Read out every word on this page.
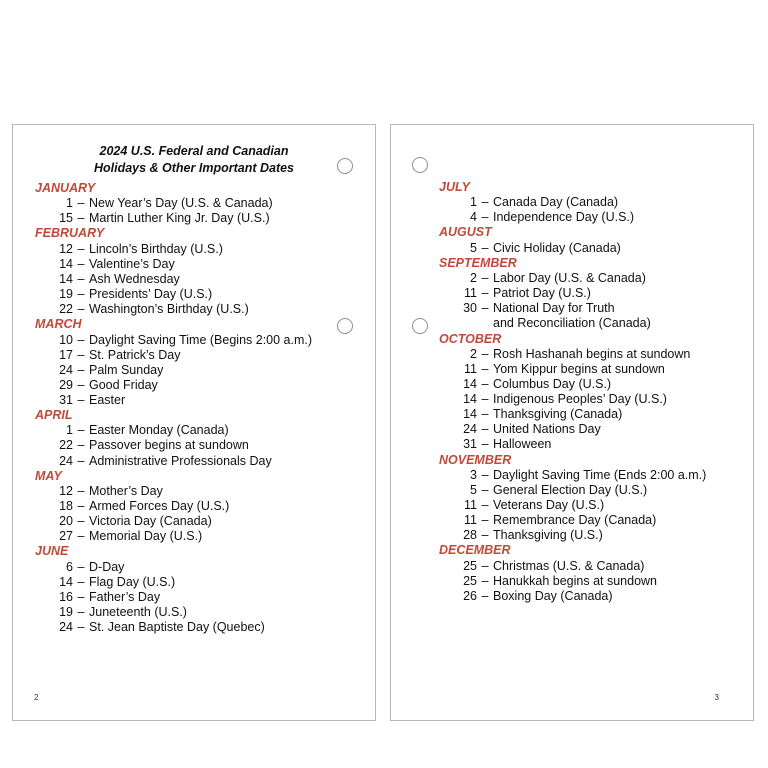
2024 U.S. Federal and Canadian
Holidays & Other Important Dates
JANUARY
1 – New Year’s Day (U.S. & Canada)
15 – Martin Luther King Jr. Day (U.S.)
FEBRUARY
12 – Lincoln’s Birthday (U.S.)
14 – Valentine’s Day
14 – Ash Wednesday
19 – Presidents’ Day (U.S.)
22 – Washington’s Birthday (U.S.)
MARCH
10 – Daylight Saving Time (Begins 2:00 a.m.)
17 – St. Patrick’s Day
24 – Palm Sunday
29 – Good Friday
31 – Easter
APRIL
1 – Easter Monday (Canada)
22 – Passover begins at sundown
24 – Administrative Professionals Day
MAY
12 – Mother’s Day
18 – Armed Forces Day (U.S.)
20 – Victoria Day (Canada)
27 – Memorial Day (U.S.)
JUNE
6 – D-Day
14 – Flag Day (U.S.)
16 – Father’s Day
19 – Juneteenth (U.S.)
24 – St. Jean Baptiste Day (Quebec)
2
JULY
1 – Canada Day (Canada)
4 – Independence Day (U.S.)
AUGUST
5 – Civic Holiday (Canada)
SEPTEMBER
2 – Labor Day (U.S. & Canada)
11 – Patriot Day (U.S.)
30 – National Day for Truth
and Reconciliation (Canada)
OCTOBER
2 – Rosh Hashanah begins at sundown
11 – Yom Kippur begins at sundown
14 – Columbus Day (U.S.)
14 – Indigenous Peoples’ Day (U.S.)
14 – Thanksgiving (Canada)
24 – United Nations Day
31 – Halloween
NOVEMBER
3 – Daylight Saving Time (Ends 2:00 a.m.)
5 – General Election Day (U.S.)
11 – Veterans Day (U.S.)
11 – Remembrance Day (Canada)
28 – Thanksgiving (U.S.)
DECEMBER
25 – Christmas (U.S. & Canada)
25 – Hanukkah begins at sundown
26 – Boxing Day (Canada)
3
